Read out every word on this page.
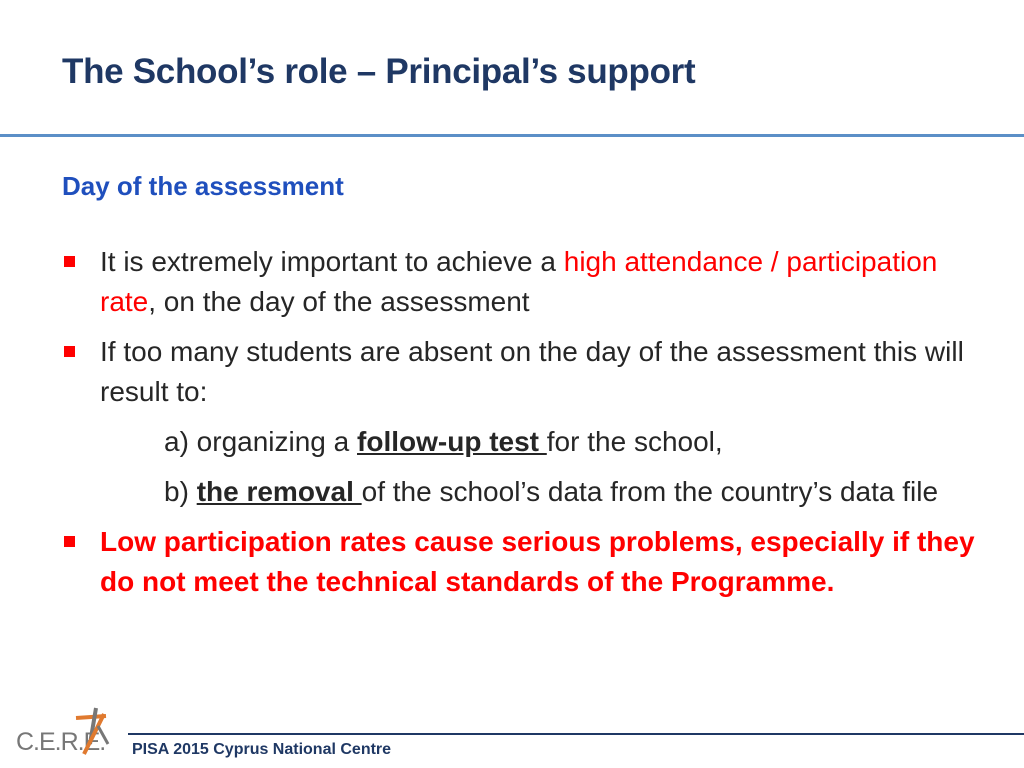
The School’s role – Principal’s support
Day of the assessment
It is extremely important to achieve a high attendance / participation rate, on the day of the assessment
If too many students are absent on the day of the assessment this will result to:
a) organizing a follow-up test for the school,
b) the removal of the school’s data from the country’s data file
Low participation rates cause serious problems, especially if they do not meet the technical standards of the Programme.
C.E.R.E. PISA 2015 Cyprus National Centre
